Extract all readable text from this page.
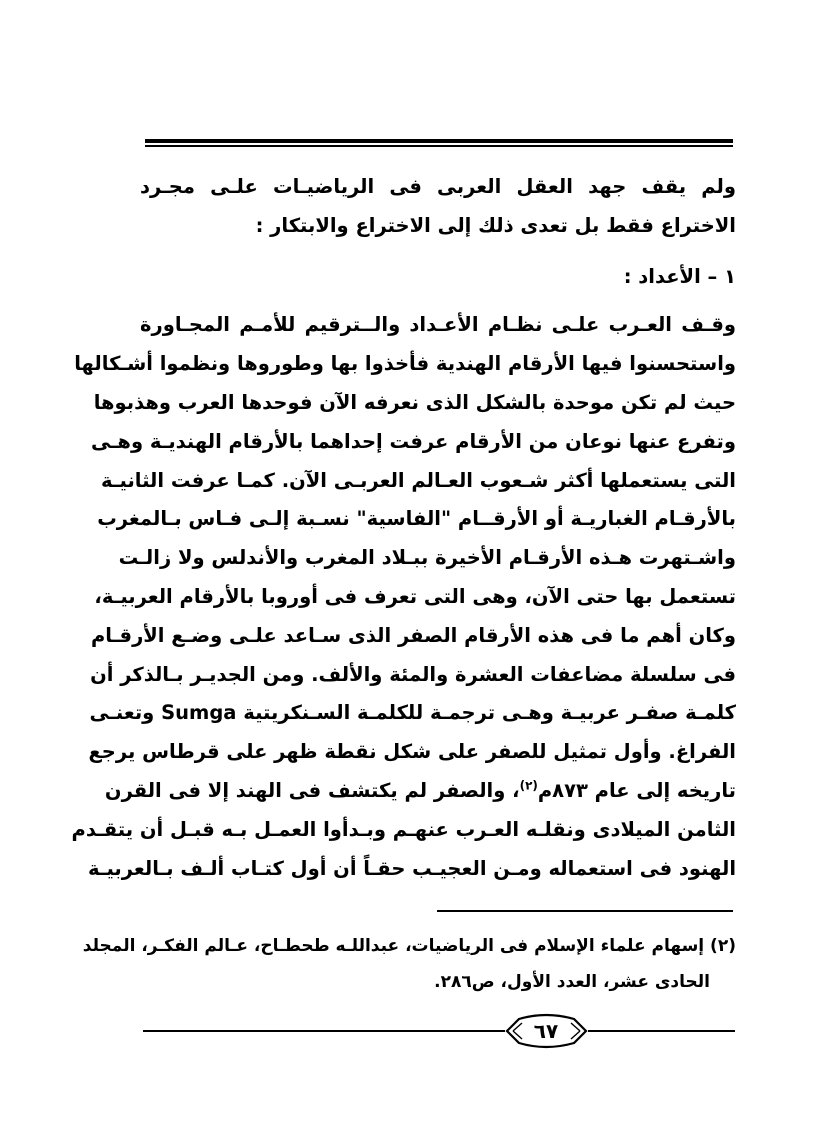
ولم يقف جهد العقل العربى فى الرياضيـات علـى مجـرد
الاختراع فقط بل تعدى ذلك إلى الاختراع والابتكار :
١ – الأعداد :
وقـف العـرب علـى نظـام الأعـداد والــترقيم للأمـم المجـاورة
واستحسنوا فيها الأرقام الهندية فأخذوا بها وطوروها ونظموا أشـكالها
حيث لم تكن موحدة بالشكل الذى نعرفه الآن فوحدها العرب وهذبوها
وتفرع عنها نوعان من الأرقام عرفت إحداهما بالأرقام الهنديـة وهـى
التى يستعملها أكثر شـعوب العـالم العربـى الآن. كمـا عرفت الثانيـة
بالأرقـام الغباريـة أو الأرقــام "الفاسية" نسـبة إلـى فـاس بـالمغرب
واشـتهرت هـذه الأرقـام الأخيرة ببـلاد المغرب والأندلس ولا زالـت
تستعمل بها حتى الآن، وهى التى تعرف فى أوروبا بالأرقام العربيـة،
وكان أهم ما فى هذه الأرقام الصفر الذى سـاعد علـى وضـع الأرقـام
فى سلسلة مضاعفات العشرة والمئة والألف. ومن الجديـر بـالذكر أن
كلمـة صفـر عربيـة وهـى ترجمـة للكلمـة السـنكريتية Sumga وتعنـى
الفراغ. وأول تمثيل للصفر على شكل نقطة ظهر على قرطاس يرجع
تاريخه إلى عام ٨٧٣م$^{(٢)}$، والصفر لم يكتشف فى الهند إلا فى القرن
الثامن الميلادى ونقلـه العـرب عنهـم وبـدأوا العمـل بـه قبـل أن يتقـدم
الهنود فى استعماله ومـن العجيـب حقـاً أن أول كتـاب ألـف بـالعربيـة
(٢) إسهام علماء الإسلام فى الرياضيات، عبداللـه طحطـاح، عـالم الفكـر، المجلد
الحادى عشر، العدد الأول، ص٢٨٦.
٦٧
